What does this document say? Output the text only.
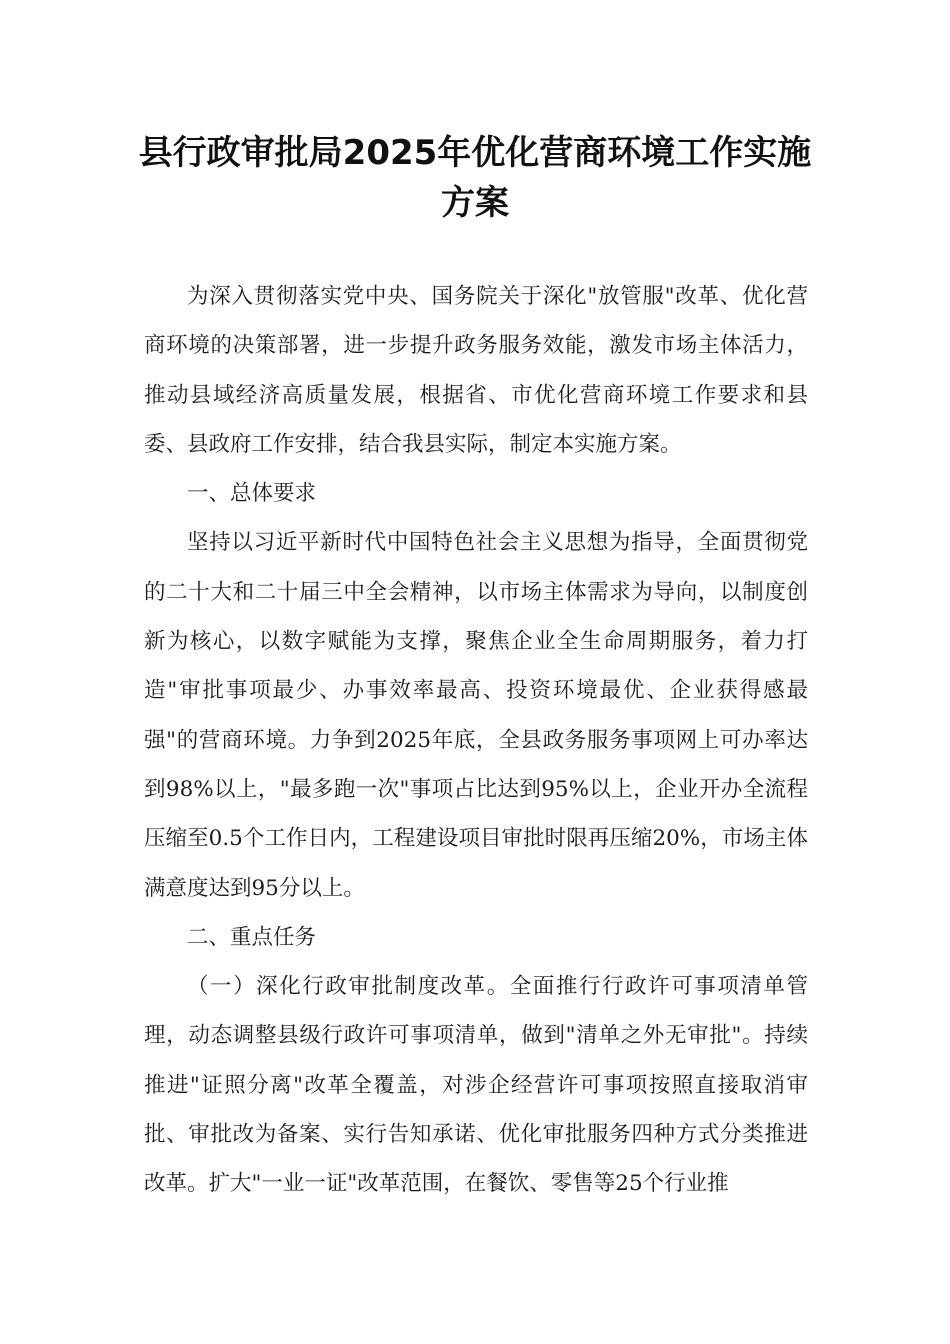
县行政审批局2025年优化营商环境工作实施方案

为深入贯彻落实党中央、国务院关于深化"放管服"改革、优化营商环境的决策部署，进一步提升政务服务效能，激发市场主体活力，推动县域经济高质量发展，根据省、市优化营商环境工作要求和县委、县政府工作安排，结合我县实际，制定本实施方案。

一、总体要求

坚持以习近平新时代中国特色社会主义思想为指导，全面贯彻党的二十大和二十届三中全会精神，以市场主体需求为导向，以制度创新为核心，以数字赋能为支撑，聚焦企业全生命周期服务，着力打造"审批事项最少、办事效率最高、投资环境最优、企业获得感最强"的营商环境。力争到2025年底，全县政务服务事项网上可办率达到98%以上，"最多跑一次"事项占比达到95%以上，企业开办全流程压缩至0.5个工作日内，工程建设项目审批时限再压缩20%，市场主体满意度达到95分以上。

二、重点任务

（一）深化行政审批制度改革。全面推行行政许可事项清单管理，动态调整县级行政许可事项清单，做到"清单之外无审批"。持续推进"证照分离"改革全覆盖，对涉企经营许可事项按照直接取消审批、审批改为备案、实行告知承诺、优化审批服务四种方式分类推进改革。扩大"一业一证"改革范围，在餐饮、零售等25个行业推
